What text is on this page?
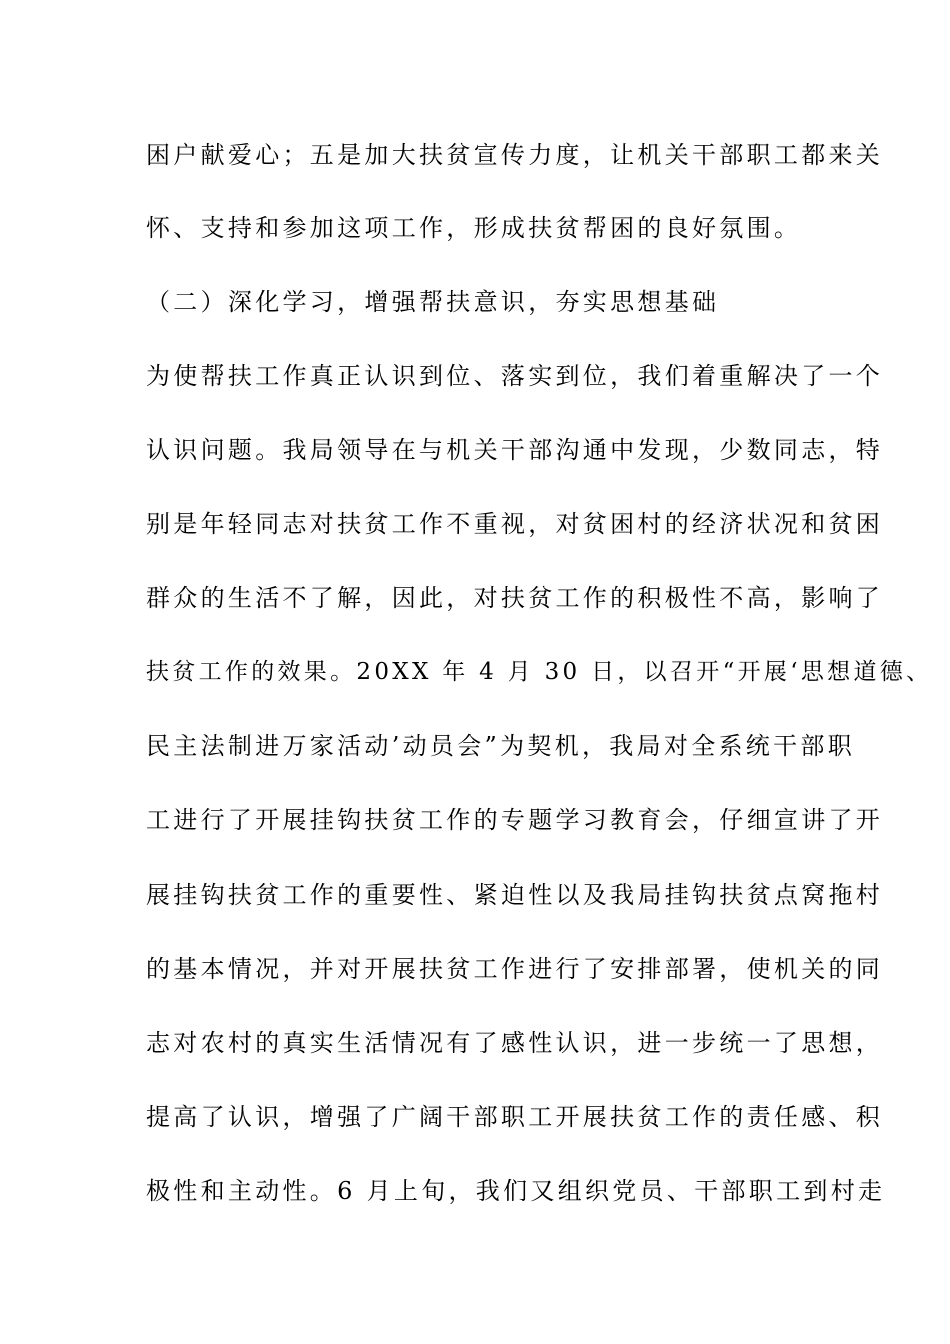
困户献爱心；五是加大扶贫宣传力度，让机关干部职工都来关
怀、支持和参加这项工作，形成扶贫帮困的良好氛围。
（二）深化学习，增强帮扶意识，夯实思想基础
为使帮扶工作真正认识到位、落实到位，我们着重解决了一个
认识问题。我局领导在与机关干部沟通中发现，少数同志，特
别是年轻同志对扶贫工作不重视，对贫困村的经济状况和贫困
群众的生活不了解，因此，对扶贫工作的积极性不高，影响了
扶贫工作的效果。20XX 年 4 月 30 日，以召开“开展‘思想道德、
民主法制进万家活动’动员会”为契机，我局对全系统干部职
工进行了开展挂钩扶贫工作的专题学习教育会，仔细宣讲了开
展挂钩扶贫工作的重要性、紧迫性以及我局挂钩扶贫点窝拖村
的基本情况，并对开展扶贫工作进行了安排部署，使机关的同
志对农村的真实生活情况有了感性认识，进一步统一了思想，
提高了认识，增强了广阔干部职工开展扶贫工作的责任感、积
极性和主动性。6 月上旬，我们又组织党员、干部职工到村走
